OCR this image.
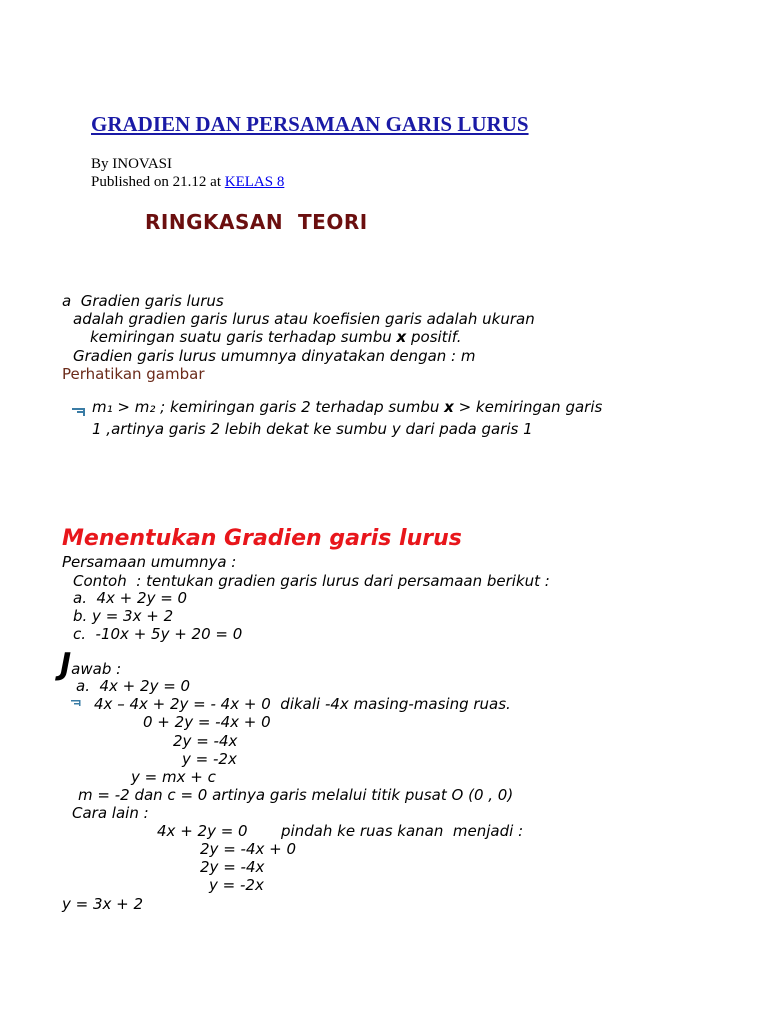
GRADIEN DAN PERSAMAAN GARIS LURUS
By INOVASI
Published on 21.12 at KELAS 8
RINGKASAN  TEORI
a  Gradien garis lurus
adalah gradien garis lurus atau koefisien garis adalah ukuran
kemiringan suatu garis terhadap sumbu x positif.
Gradien garis lurus umumnya dinyatakan dengan : m
Perhatikan gambar

m₁ > m₂ ; kemiringan garis 2 terhadap sumbu x > kemiringan garis
1 ,artinya garis 2 lebih dekat ke sumbu y dari pada garis 1
Menentukan Gradien garis lurus
Persamaan umumnya :
Contoh  : tentukan gradien garis lurus dari persamaan berikut :
a.  4x + 2y = 0
b. y = 3x + 2
c.  -10x + 5y + 20 = 0
Jawab :

a.  4x + 2y = 0
4x – 4x + 2y = - 4x + 0  dikali -4x masing-masing ruas.
0 + 2y = -4x + 0
2y = -4x
y = -2x
y = mx + c
m = -2 dan c = 0 artinya garis melalui titik pusat O (0 , 0)
Cara lain :
4x + 2y = 0       pindah ke ruas kanan  menjadi :
2y = -4x + 0
2y = -4x
y = -2x
y = 3x + 2
